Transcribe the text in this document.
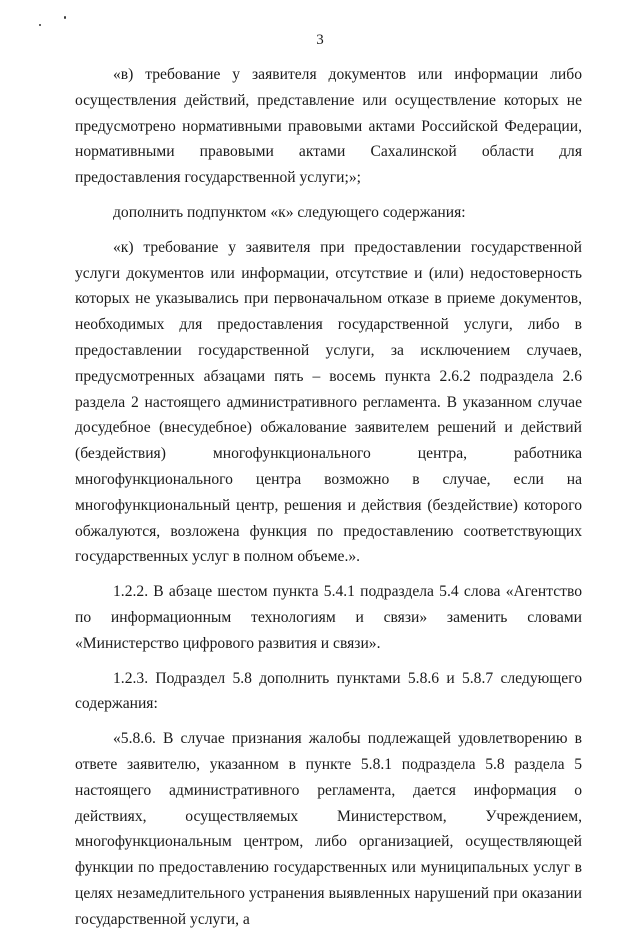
3

«в) требование у заявителя документов или информации либо осуществления действий, представление или осуществление которых не предусмотрено нормативными правовыми актами Российской Федерации, нормативными правовыми актами Сахалинской области для предоставления государственной услуги;»;

дополнить подпунктом «к» следующего содержания:

«к) требование у заявителя при предоставлении государственной услуги документов или информации, отсутствие и (или) недостоверность которых не указывались при первоначальном отказе в приеме документов, необходимых для предоставления государственной услуги, либо в предоставлении государственной услуги, за исключением случаев, предусмотренных абзацами пять – восемь пункта 2.6.2 подраздела 2.6 раздела 2 настоящего административного регламента. В указанном случае досудебное (внесудебное) обжалование заявителем решений и действий (бездействия) многофункционального центра, работника многофункционального центра возможно в случае, если на многофункциональный центр, решения и действия (бездействие) которого обжалуются, возложена функция по предоставлению соответствующих государственных услуг в полном объеме.».

1.2.2. В абзаце шестом пункта 5.4.1 подраздела 5.4 слова «Агентство по информационным технологиям и связи» заменить словами «Министерство цифрового развития и связи».

1.2.3. Подраздел 5.8 дополнить пунктами 5.8.6 и 5.8.7 следующего содержания:

«5.8.6. В случае признания жалобы подлежащей удовлетворению в ответе заявителю, указанном в пункте 5.8.1 подраздела 5.8 раздела 5 настоящего административного регламента, дается информация о действиях, осуществляемых Министерством, Учреждением, многофункциональным центром, либо организацией, осуществляющей функции по предоставлению государственных или муниципальных услуг в целях незамедлительного устранения выявленных нарушений при оказании государственной услуги, а
